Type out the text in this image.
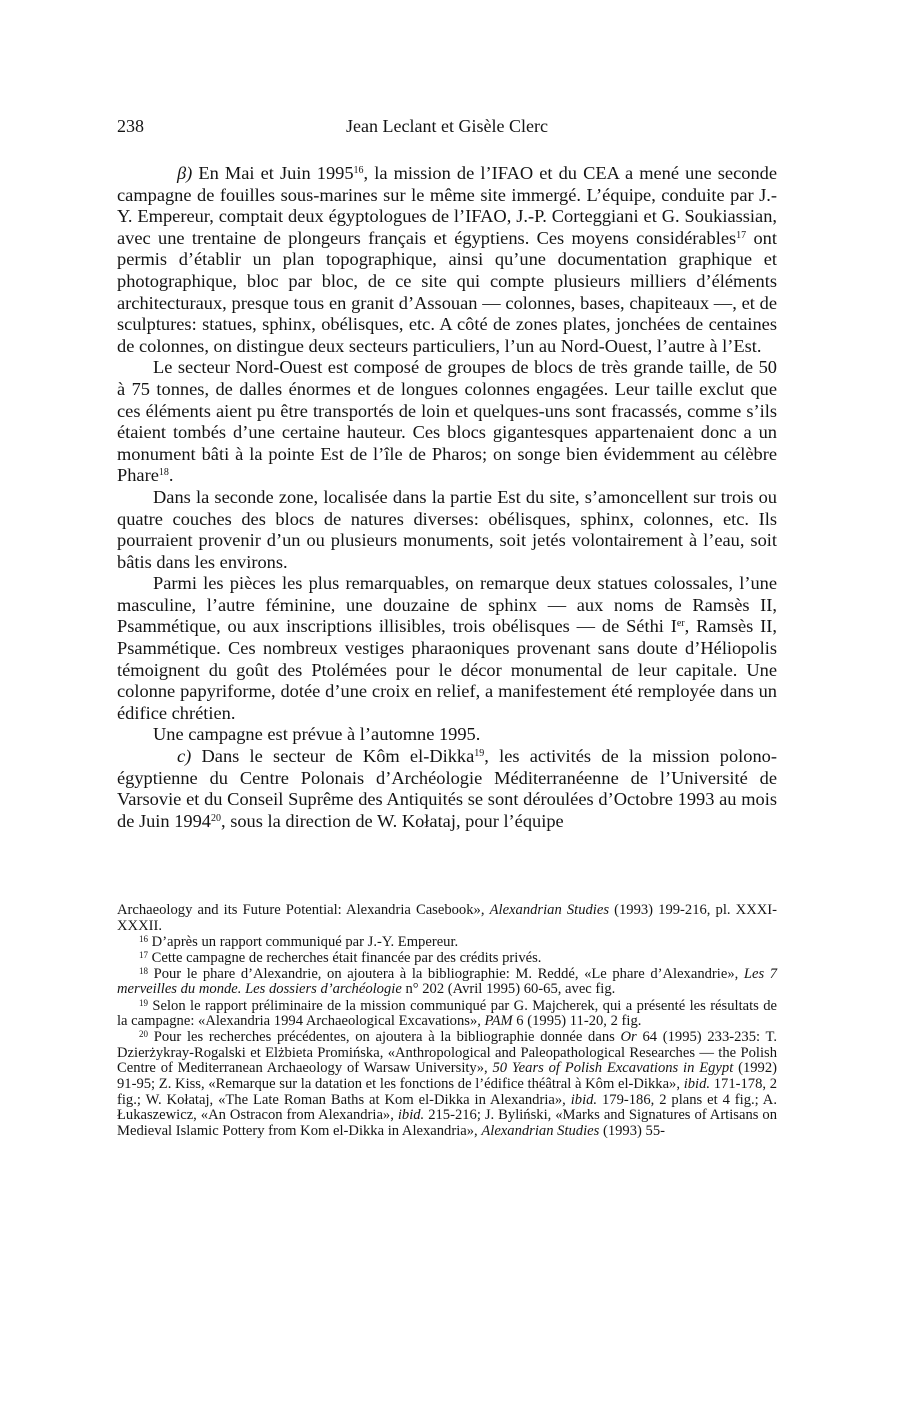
238	Jean Leclant et Gisèle Clerc

β) En Mai et Juin 1995$^{16}$, la mission de l’IFAO et du CEA a mené une seconde campagne de fouilles sous-marines sur le même site immergé. L’équipe, conduite par J.-Y. Empereur, comptait deux égyptologues de l’IFAO, J.-P. Corteggiani et G. Soukiassian, avec une trentaine de plongeurs français et égyptiens. Ces moyens considérables$^{17}$ ont permis d’établir un plan topographique, ainsi qu’une documentation graphique et photographique, bloc par bloc, de ce site qui compte plusieurs milliers d’éléments architecturaux, presque tous en granit d’Assouan — colonnes, bases, chapiteaux —, et de sculptures: statues, sphinx, obélisques, etc. A côté de zones plates, jonchées de centaines de colonnes, on distingue deux secteurs particuliers, l’un au Nord-Ouest, l’autre à l’Est.

Le secteur Nord-Ouest est composé de groupes de blocs de très grande taille, de 50 à 75 tonnes, de dalles énormes et de longues colonnes engagées. Leur taille exclut que ces éléments aient pu être transportés de loin et quelques-uns sont fracassés, comme s’ils étaient tombés d’une certaine hauteur. Ces blocs gigantesques appartenaient donc a un monument bâti à la pointe Est de l’île de Pharos; on songe bien évidemment au célèbre Phare$^{18}$.

Dans la seconde zone, localisée dans la partie Est du site, s’amoncellent sur trois ou quatre couches des blocs de natures diverses: obélisques, sphinx, colonnes, etc. Ils pourraient provenir d’un ou plusieurs monuments, soit jetés volontairement à l’eau, soit bâtis dans les environs.

Parmi les pièces les plus remarquables, on remarque deux statues colossales, l’une masculine, l’autre féminine, une douzaine de sphinx — aux noms de Ramsès II, Psammétique, ou aux inscriptions illisibles, trois obélisques — de Séthi Ier, Ramsès II, Psammétique. Ces nombreux vestiges pharaoniques provenant sans doute d’Héliopolis témoignent du goût des Ptolémées pour le décor monumental de leur capitale. Une colonne papyriforme, dotée d’une croix en relief, a manifestement été remployée dans un édifice chrétien.

Une campagne est prévue à l’automne 1995.

c) Dans le secteur de Kôm el-Dikka$^{19}$, les activités de la mission polono-égyptienne du Centre Polonais d’Archéologie Méditerranéenne de l’Université de Varsovie et du Conseil Suprême des Antiquités se sont déroulées d’Octobre 1993 au mois de Juin 1994$^{20}$, sous la direction de W. Kołataj, pour l’équipe

Archaeology and its Future Potential: Alexandria Casebook», Alexandrian Studies (1993) 199-216, pl. XXXI-XXXII.

$^{16}$ D’après un rapport communiqué par J.-Y. Empereur.

$^{17}$ Cette campagne de recherches était financée par des crédits privés.

$^{18}$ Pour le phare d’Alexandrie, on ajoutera à la bibliographie: M. Reddé, «Le phare d’Alexandrie», Les 7 merveilles du monde. Les dossiers d’archéologie n° 202 (Avril 1995) 60-65, avec fig.

$^{19}$ Selon le rapport préliminaire de la mission communiqué par G. Majcherek, qui a présenté les résultats de la campagne: «Alexandria 1994 Archaeological Excavations», PAM 6 (1995) 11-20, 2 fig.

$^{20}$ Pour les recherches précédentes, on ajoutera à la bibliographie donnée dans Or 64 (1995) 233-235: T. Dzierżykray-Rogalski et Elżbieta Promińska, «Anthropological and Paleopathological Researches — the Polish Centre of Mediterranean Archaeology of Warsaw University», 50 Years of Polish Excavations in Egypt (1992) 91-95; Z. Kiss, «Remarque sur la datation et les fonctions de l’édifice théâtral à Kôm el-Dikka», ibid. 171-178, 2 fig.; W. Kołataj, «The Late Roman Baths at Kom el-Dikka in Alexandria», ibid. 179-186, 2 plans et 4 fig.; A. Łukaszewicz, «An Ostracon from Alexandria», ibid. 215-216; J. Byliński, «Marks and Signatures of Artisans on Medieval Islamic Pottery from Kom el-Dikka in Alexandria», Alexandrian Studies (1993) 55-
